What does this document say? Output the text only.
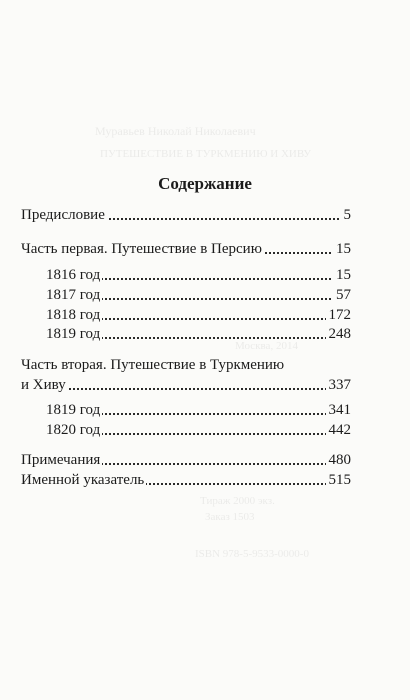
Муравьев Николай Николаевич
ПУТЕШЕСТВИЕ В ТУРКМЕНИЮ И ХИВУ
Москва, 2014
Тираж 2000 экз.
Заказ 1503
ISBN 978-5-9533-0000-0
Содержание
Предисловие	5
Часть первая. Путешествие в Персию	15
1816 год	15
1817 год	57
1818 год	172
1819 год	248
Часть вторая. Путешествие в Туркмению
и Хиву	337
1819 год	341
1820 год	442
Примечания	480
Именной указатель	515
